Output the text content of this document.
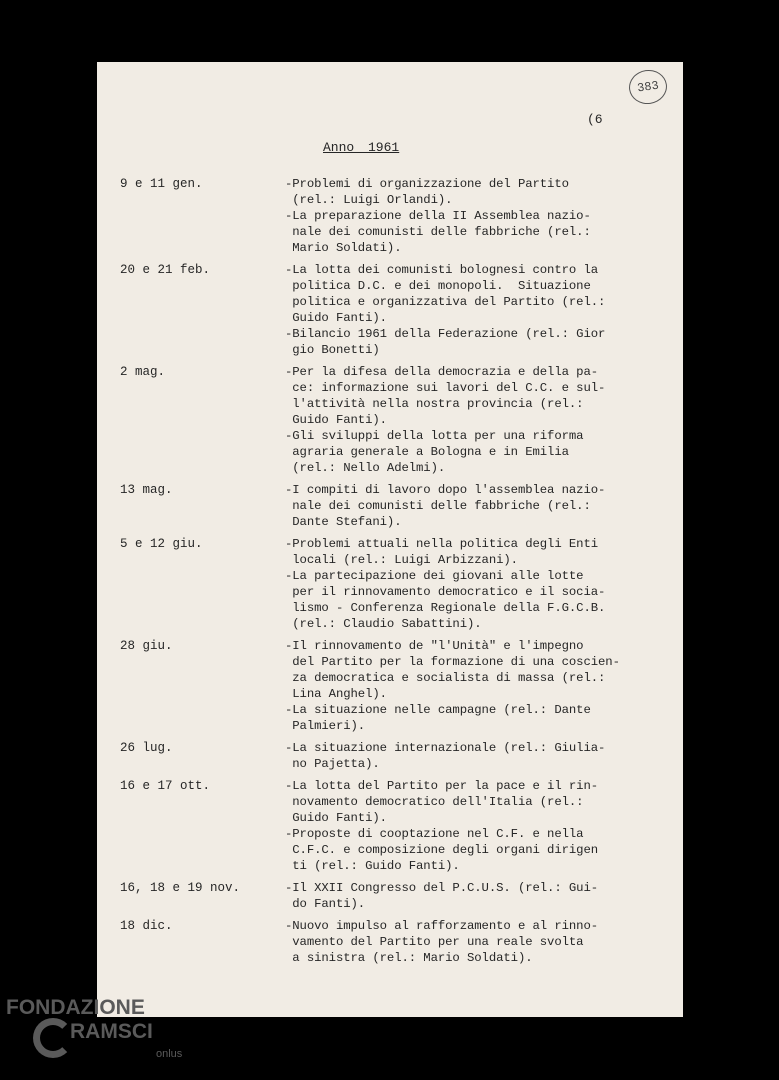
383
(6
Anno 1961
9 e 11 gen.	-Problemi di organizzazione del Partito
(rel.: Luigi Orlandi).
-La preparazione della II Assemblea nazio-
nale dei comunisti delle fabbriche (rel.:
Mario Soldati).
20 e 21 feb.	-La lotta dei comunisti bolognesi contro la
politica D.C. e dei monopoli.  Situazione
politica e organizzativa del Partito (rel.:
Guido Fanti).
-Bilancio 1961 della Federazione (rel.: Gior
gio Bonetti)
2 mag.	-Per la difesa della democrazia e della pa-
ce: informazione sui lavori del C.C. e sul-
l'attività nella nostra provincia (rel.:
Guido Fanti).
-Gli sviluppi della lotta per una riforma
agraria generale a Bologna e in Emilia
(rel.: Nello Adelmi).
13 mag.	-I compiti di lavoro dopo l'assemblea nazio-
nale dei comunisti delle fabbriche (rel.:
Dante Stefani).
5 e 12 giu.	-Problemi attuali nella politica degli Enti
locali (rel.: Luigi Arbizzani).
-La partecipazione dei giovani alle lotte
per il rinnovamento democratico e il socia-
lismo - Conferenza Regionale della F.G.C.B.
(rel.: Claudio Sabattini).
28 giu.	-Il rinnovamento de "l'Unità" e l'impegno
del Partito per la formazione di una coscien-
za democratica e socialista di massa (rel.:
Lina Anghel).
-La situazione nelle campagne (rel.: Dante
Palmieri).
26 lug.	-La situazione internazionale (rel.: Giulia-
no Pajetta).
16 e 17 ott.	-La lotta del Partito per la pace e il rin-
novamento democratico dell'Italia (rel.:
Guido Fanti).
-Proposte di cooptazione nel C.F. e nella
C.F.C. e composizione degli organi dirigen
ti (rel.: Guido Fanti).
16, 18 e 19 nov.	-Il XXII Congresso del P.C.U.S. (rel.: Gui-
do Fanti).
18 dic.	-Nuovo impulso al rafforzamento e al rinno-
vamento del Partito per una reale svolta
a sinistra (rel.: Mario Soldati).
FONDAZIONE
RAMSCI
onlus
